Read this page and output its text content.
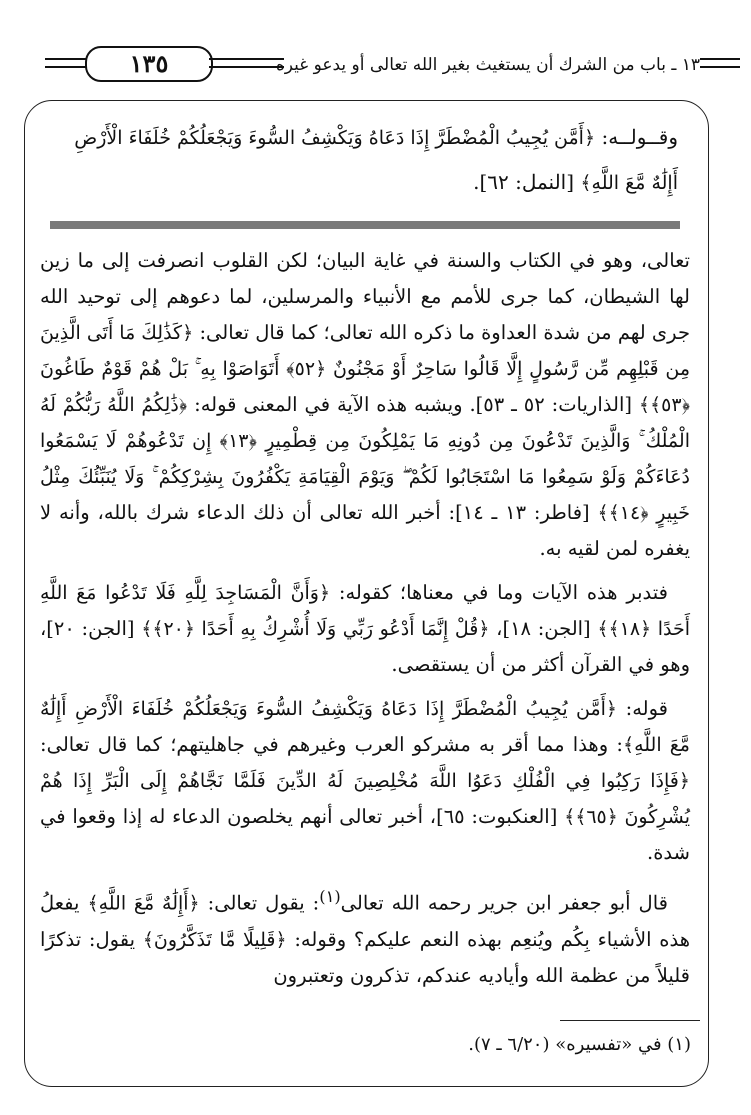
١٣٥	١٣ ـ باب من الشرك أن يستغيث بغير الله تعالى أو يدعو غيره
وقــولــه: ﴿أَمَّن يُجِيبُ الْمُضْطَرَّ إِذَا دَعَاهُ وَيَكْشِفُ السُّوءَ وَيَجْعَلُكُمْ خُلَفَاءَ الْأَرْضِ أَإِلَٰهٌ مَّعَ اللَّهِ﴾ [النمل: ٦٢].

تعالى، وهو في الكتاب والسنة في غاية البيان؛ لكن القلوب انصرفت إلى ما زين لها الشيطان، كما جرى للأمم مع الأنبياء والمرسلين، لما دعوهم إلى توحيد الله جرى لهم من شدة العداوة ما ذكره الله تعالى؛ كما قال تعالى: ﴿كَذَٰلِكَ مَا أَتَى الَّذِينَ مِن قَبْلِهِم مِّن رَّسُولٍ إِلَّا قَالُوا سَاحِرٌ أَوْ مَجْنُونٌ ﴿٥٢﴾ أَتَوَاصَوْا بِهِ ۚ بَلْ هُمْ قَوْمٌ طَاغُونَ ﴿٥٣﴾﴾ [الذاريات: ٥٢ ـ ٥٣]. ويشبه هذه الآية في المعنى قوله: ﴿ذَٰلِكُمُ اللَّهُ رَبُّكُمْ لَهُ الْمُلْكُ ۚ وَالَّذِينَ تَدْعُونَ مِن دُونِهِ مَا يَمْلِكُونَ مِن قِطْمِيرٍ ﴿١٣﴾ إِن تَدْعُوهُمْ لَا يَسْمَعُوا دُعَاءَكُمْ وَلَوْ سَمِعُوا مَا اسْتَجَابُوا لَكُمْ ۖ وَيَوْمَ الْقِيَامَةِ يَكْفُرُونَ بِشِرْكِكُمْ ۚ وَلَا يُنَبِّئُكَ مِثْلُ خَبِيرٍ ﴿١٤﴾﴾ [فاطر: ١٣ ـ ١٤]: أخبر الله تعالى أن ذلك الدعاء شرك بالله، وأنه لا يغفره لمن لقيه به.

فتدبر هذه الآيات وما في معناها؛ كقوله: ﴿وَأَنَّ الْمَسَاجِدَ لِلَّهِ فَلَا تَدْعُوا مَعَ اللَّهِ أَحَدًا ﴿١٨﴾﴾ [الجن: ١٨]، ﴿قُلْ إِنَّمَا أَدْعُو رَبِّي وَلَا أُشْرِكُ بِهِ أَحَدًا ﴿٢٠﴾﴾ [الجن: ٢٠]، وهو في القرآن أكثر من أن يستقصى.

قوله: ﴿أَمَّن يُجِيبُ الْمُضْطَرَّ إِذَا دَعَاهُ وَيَكْشِفُ السُّوءَ وَيَجْعَلُكُمْ خُلَفَاءَ الْأَرْضِ أَإِلَٰهٌ مَّعَ اللَّهِ﴾: وهذا مما أقر به مشركو العرب وغيرهم في جاهليتهم؛ كما قال تعالى: ﴿فَإِذَا رَكِبُوا فِي الْفُلْكِ دَعَوُا اللَّهَ مُخْلِصِينَ لَهُ الدِّينَ فَلَمَّا نَجَّاهُمْ إِلَى الْبَرِّ إِذَا هُمْ يُشْرِكُونَ ﴿٦٥﴾﴾ [العنكبوت: ٦٥]، أخبر تعالى أنهم يخلصون الدعاء له إذا وقعوا في شدة.

قال أبو جعفر ابن جرير رحمه الله تعالى$^{(١)}$: يقول تعالى: ﴿أَإِلَٰهٌ مَّعَ اللَّهِ﴾ يفعلُ هذه الأشياء بِكُم ويُنعِم بهذه النعم عليكم؟ وقوله: ﴿قَلِيلًا مَّا تَذَكَّرُونَ﴾ يقول: تذكرًا قليلاً من عظمة الله وأياديه عندكم، تذكرون وتعتبرون

(١) في «تفسيره» (٦/٢٠ ـ ٧).
